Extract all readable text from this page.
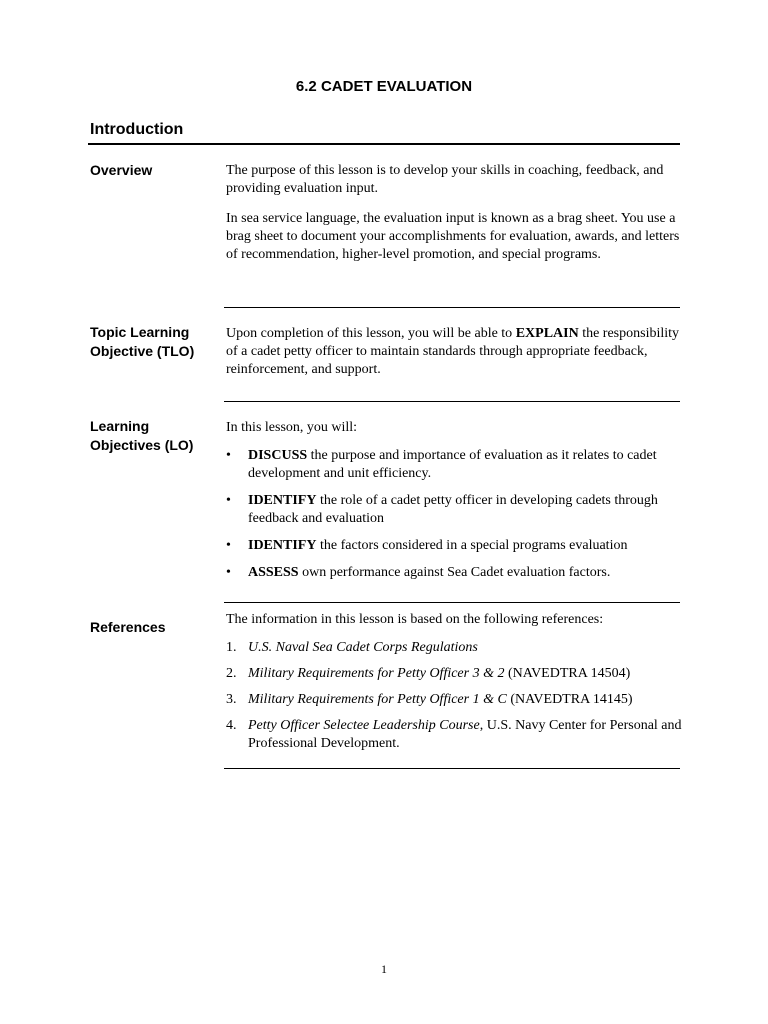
6.2 CADET EVALUATION
Introduction
Overview	The purpose of this lesson is to develop your skills in coaching, feedback, and providing evaluation input.

In sea service language, the evaluation input is known as a brag sheet. You use a brag sheet to document your accomplishments for evaluation, awards, and letters of recommendation, higher-level promotion, and special programs.

Topic Learning
Objective (TLO)

Upon completion of this lesson, you will be able to EXPLAIN the responsibility of a cadet petty officer to maintain standards through appropriate feedback, reinforcement, and support.

Learning
Objectives (LO)
In this lesson, you will:
• DISCUSS the purpose and importance of evaluation as it relates to cadet development and unit efficiency.
• IDENTIFY the role of a cadet petty officer in developing cadets through feedback and evaluation
• IDENTIFY the factors considered in a special programs evaluation
• ASSESS own performance against Sea Cadet evaluation factors.
References	The information in this lesson is based on the following references:
1. U.S. Naval Sea Cadet Corps Regulations
2. Military Requirements for Petty Officer 3 & 2 (NAVEDTRA 14504)
3. Military Requirements for Petty Officer 1 & C (NAVEDTRA 14145)
4. Petty Officer Selectee Leadership Course, U.S. Navy Center for Personal and Professional Development.
1
